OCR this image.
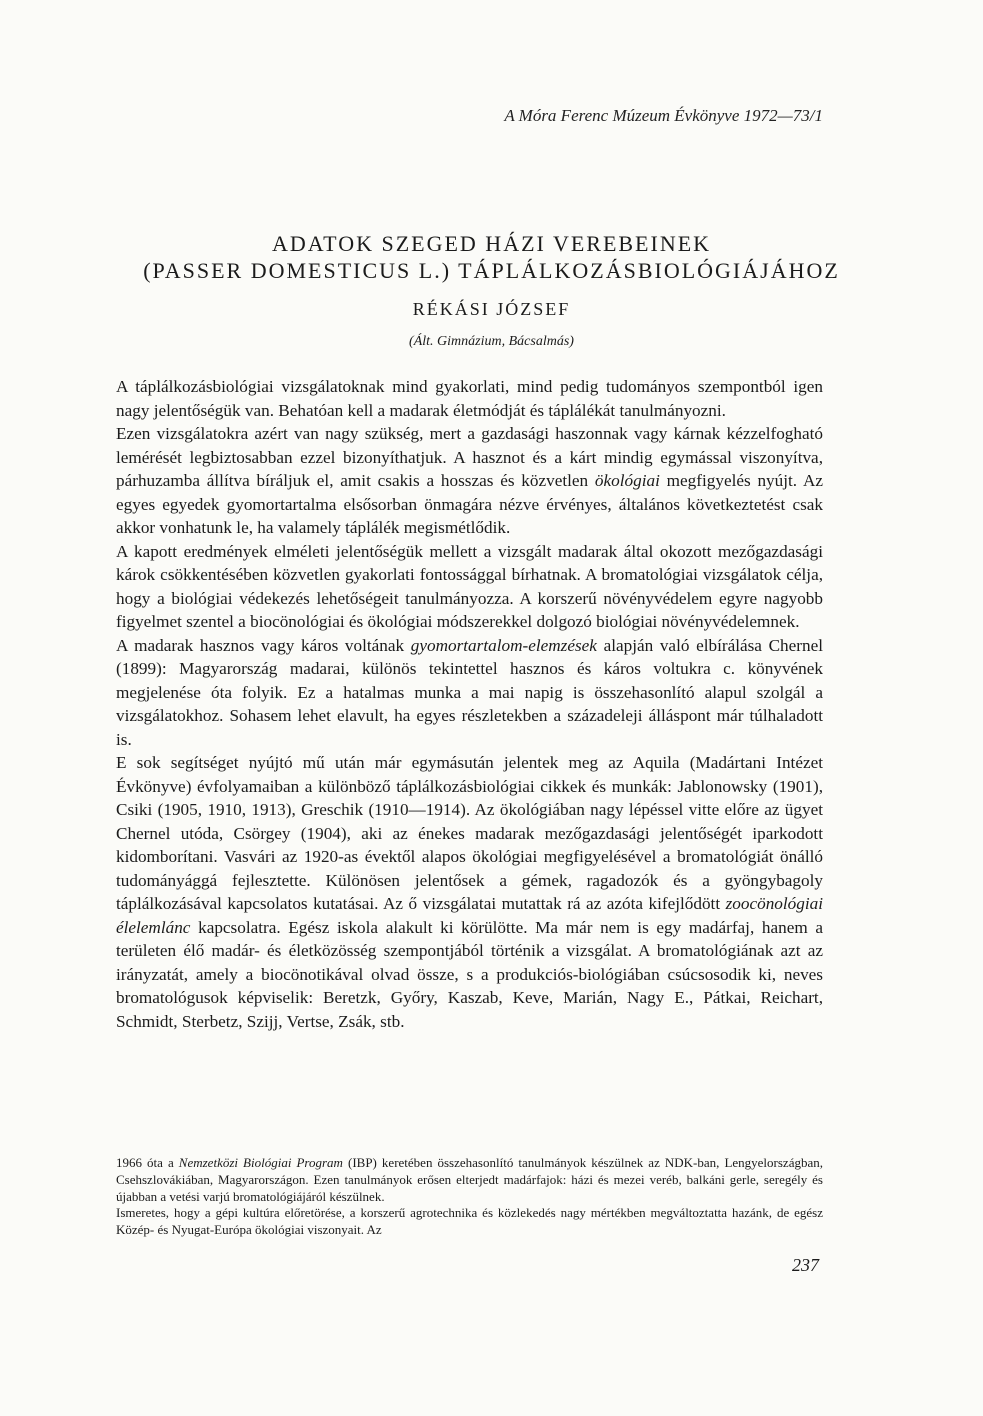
A Móra Ferenc Múzeum Évkönyve 1972—73/1
ADATOK SZEGED HÁZI VEREBEINEK
(PASSER DOMESTICUS L.) TÁPLÁLKOZÁSBIOLÓGIÁJÁHOZ
RÉKÁSI JÓZSEF
(Ált. Gimnázium, Bácsalmás)

A táplálkozásbiológiai vizsgálatoknak mind gyakorlati, mind pedig tudományos szempontból igen nagy jelentőségük van. Behatóan kell a madarak életmódját és táplálékát tanulmányozni.

Ezen vizsgálatokra azért van nagy szükség, mert a gazdasági haszonnak vagy kárnak kézzelfogható lemérését legbiztosabban ezzel bizonyíthatjuk. A hasznot és a kárt mindig egymással viszonyítva, párhuzamba állítva bíráljuk el, amit csakis a hosszas és közvetlen ökológiai megfigyelés nyújt. Az egyes egyedek gyomortartalma elsősorban önmagára nézve érvényes, általános következtetést csak akkor vonhatunk le, ha valamely táplálék megismétlődik.

A kapott eredmények elméleti jelentőségük mellett a vizsgált madarak által okozott mezőgazdasági károk csökkentésében közvetlen gyakorlati fontossággal bírhatnak. A bromatológiai vizsgálatok célja, hogy a biológiai védekezés lehetőségeit tanulmányozza. A korszerű növényvédelem egyre nagyobb figyelmet szentel a biocönológiai és ökológiai módszerekkel dolgozó biológiai növényvédelemnek.

A madarak hasznos vagy káros voltának gyomortartalom-elemzések alapján való elbírálása Chernel (1899): Magyarország madarai, különös tekintettel hasznos és káros voltukra c. könyvének megjelenése óta folyik. Ez a hatalmas munka a mai napig is összehasonlító alapul szolgál a vizsgálatokhoz. Sohasem lehet elavult, ha egyes részletekben a századeleji álláspont már túlhaladott is.

E sok segítséget nyújtó mű után már egymásután jelentek meg az Aquila (Madártani Intézet Évkönyve) évfolyamaiban a különböző táplálkozásbiológiai cikkek és munkák: Jablonowsky (1901), Csiki (1905, 1910, 1913), Greschik (1910—1914). Az ökológiában nagy lépéssel vitte előre az ügyet Chernel utóda, Csörgey (1904), aki az énekes madarak mezőgazdasági jelentőségét iparkodott kidomborítani. Vasvári az 1920-as évektől alapos ökológiai megfigyelésével a bromatológiát önálló tudományággá fejlesztette. Különösen jelentősek a gémek, ragadozók és a gyöngybagoly táplálkozásával kapcsolatos kutatásai. Az ő vizsgálatai mutattak rá az azóta kifejlődött zoocönológiai élelemlánc kapcsolatra. Egész iskola alakult ki körülötte. Ma már nem is egy madárfaj, hanem a területen élő madár- és életközösség szempontjából történik a vizsgálat. A bromatológiának azt az irányzatát, amely a biocönotikával olvad össze, s a produkciós-biológiában csúcsosodik ki, neves bromatológusok képviselik: Beretzk, Győry, Kaszab, Keve, Marián, Nagy E., Pátkai, Reichart, Schmidt, Sterbetz, Szijj, Vertse, Zsák, stb.

1966 óta a Nemzetközi Biológiai Program (IBP) keretében összehasonlító tanulmányok készülnek az NDK-ban, Lengyelországban, Csehszlovákiában, Magyarországon. Ezen tanulmányok erősen elterjedt madárfajok: házi és mezei veréb, balkáni gerle, seregély és újabban a vetési varjú bromatológiájáról készülnek.

Ismeretes, hogy a gépi kultúra előretörése, a korszerű agrotechnika és közlekedés nagy mértékben megváltoztatta hazánk, de egész Közép- és Nyugat-Európa ökológiai viszonyait. Az

237
